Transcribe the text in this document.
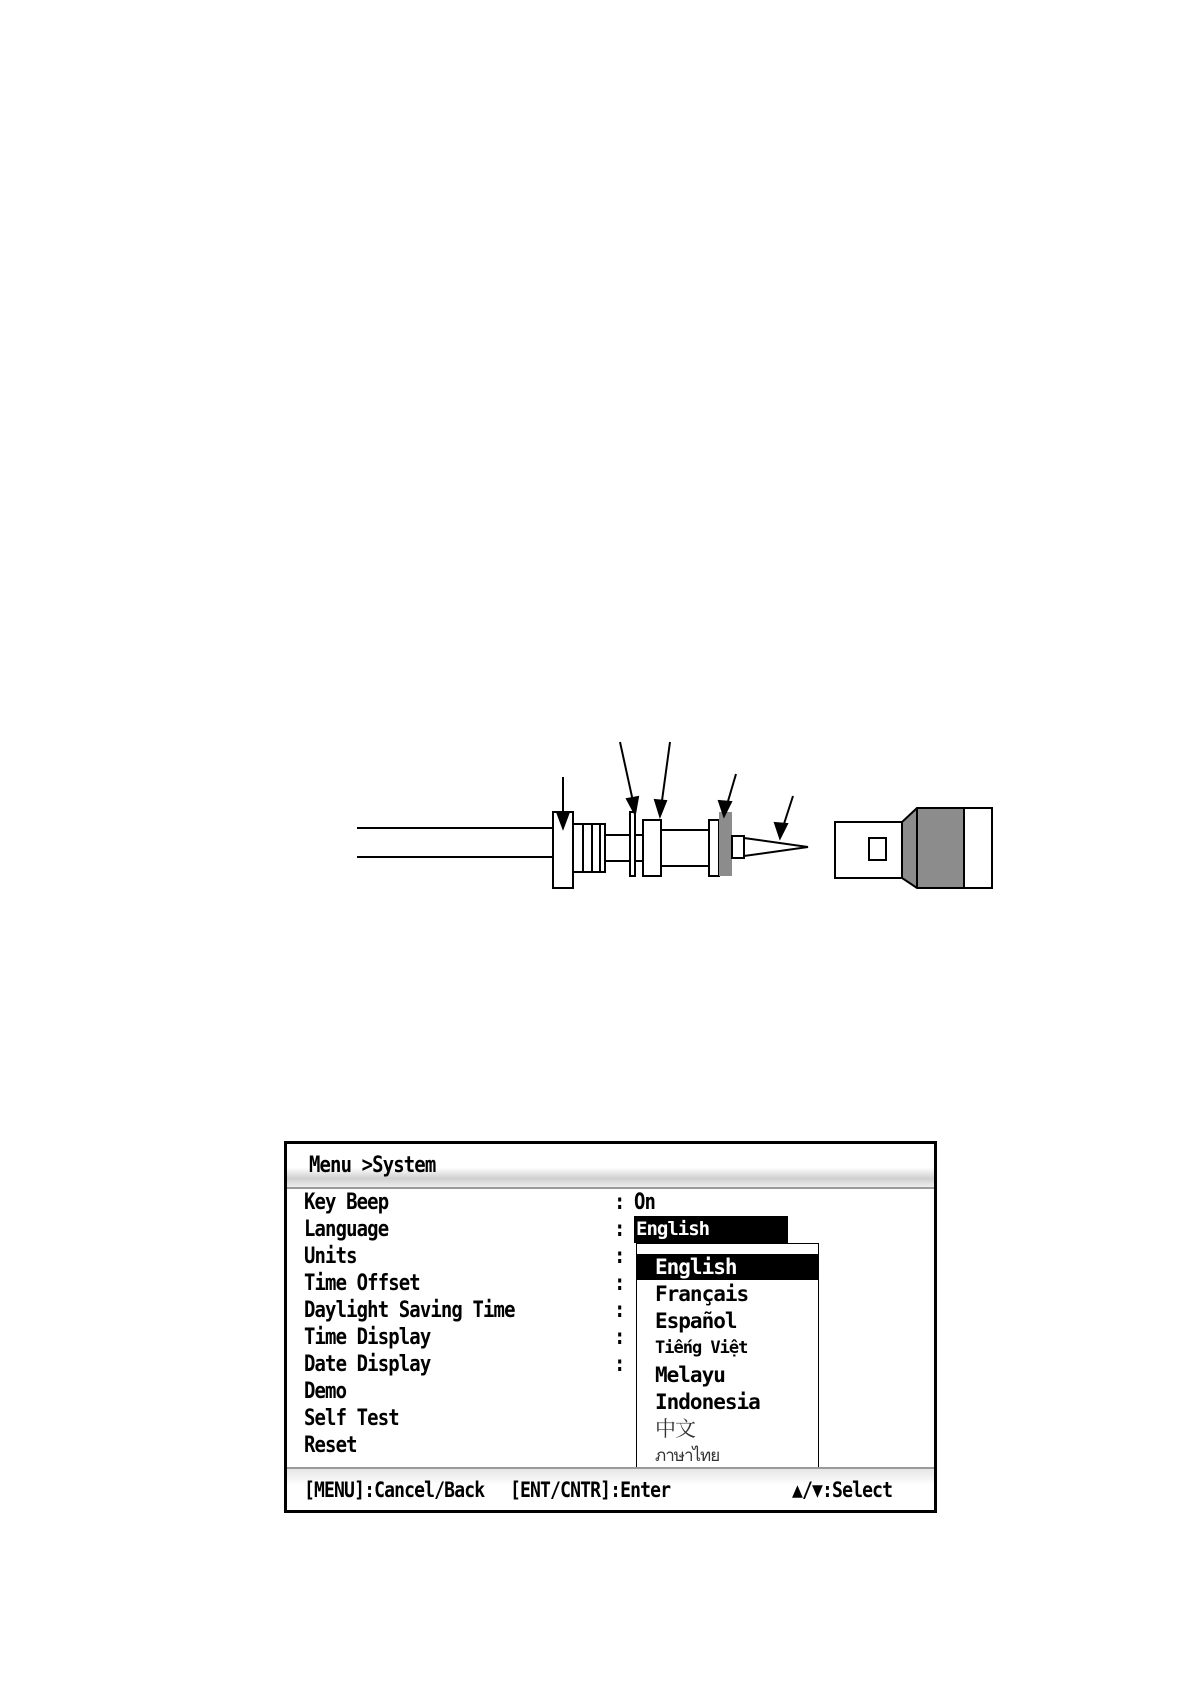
Menu >System
Key Beep
Language
Units
Time Offset
Daylight Saving Time
Time Display
Date Display
Demo
Self Test
Reset
:
:
:
:
:
:
:
On
English
English
Français
Español
Tiếng Việt
Melayu
Indonesia
中文
ภาษาไทย
[MENU]:Cancel/Back [ENT/CNTR]:Enter	▲/▼:Select
